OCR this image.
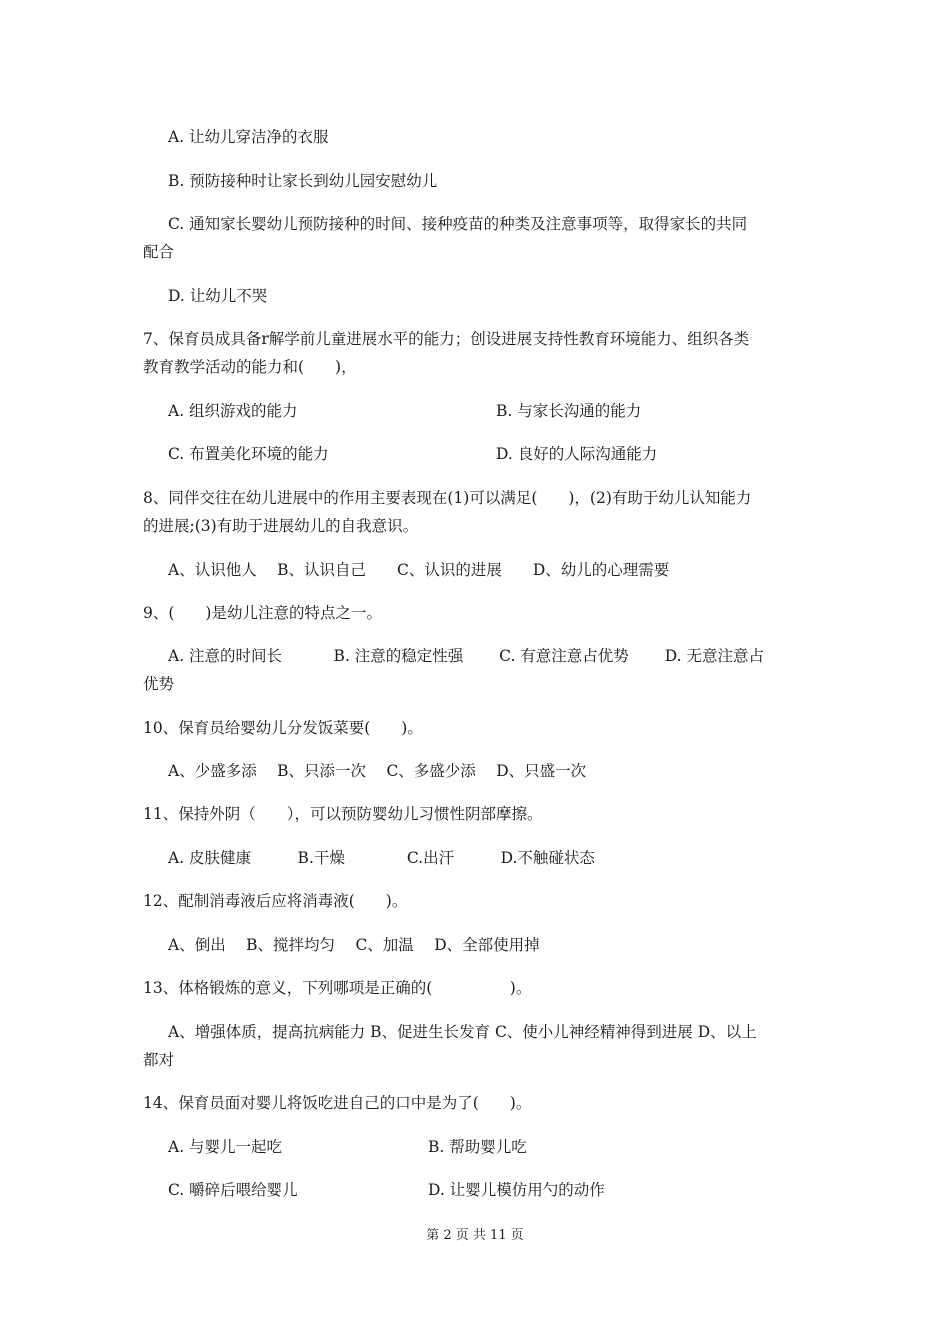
A. 让幼儿穿洁净的衣服
B. 预防接种时让家长到幼儿园安慰幼儿
C. 通知家长婴幼儿预防接种的时间、接种疫苗的种类及注意事项等，取得家长的共同
配合
D. 让幼儿不哭
7、保育员成具备r解学前儿童进展水平的能力；创设进展支持性教育环境能力、组织各类
教育教学活动的能力和(　　)，
A. 组织游戏的能力	B. 与家长沟通的能力
C. 布置美化环境的能力	D. 良好的人际沟通能力
8、同伴交往在幼儿进展中的作用主要表现在(1)可以满足(　　)，(2)有助于幼儿认知能力
的进展;(3)有助于进展幼儿的自我意识。
A、认识他人　 B、认识自己　　C、认识的进展　　D、幼儿的心理需要
9、(　　)是幼儿注意的特点之一。
A. 注意的时间长　　　 B. 注意的稳定性强　　 C. 有意注意占优势　　 D. 无意注意占
优势
10、保育员给婴幼儿分发饭菜要(　　)。
A、少盛多添　 B、只添一次　 C、多盛少添　 D、只盛一次
11、保持外阴（　　），可以预防婴幼儿习惯性阴部摩擦。
A. 皮肤健康　　　B.干燥　　　　C.出汗　　　D.不触碰状态
12、配制消毒液后应将消毒液(　　)。
A、倒出　 B、搅拌均匀　 C、加温　 D、全部使用掉
13、体格锻炼的意义，下列哪项是正确的(　　　　　)。
A、增强体质，提高抗病能力 B、促进生长发育 C、使小儿神经精神得到进展 D、以上
都对
14、保育员面对婴儿将饭吃进自己的口中是为了(　　)。
A. 与婴儿一起吃	B. 帮助婴儿吃
C. 嚼碎后喂给婴儿	D. 让婴儿模仿用勺的动作
第 2 页 共 11 页
